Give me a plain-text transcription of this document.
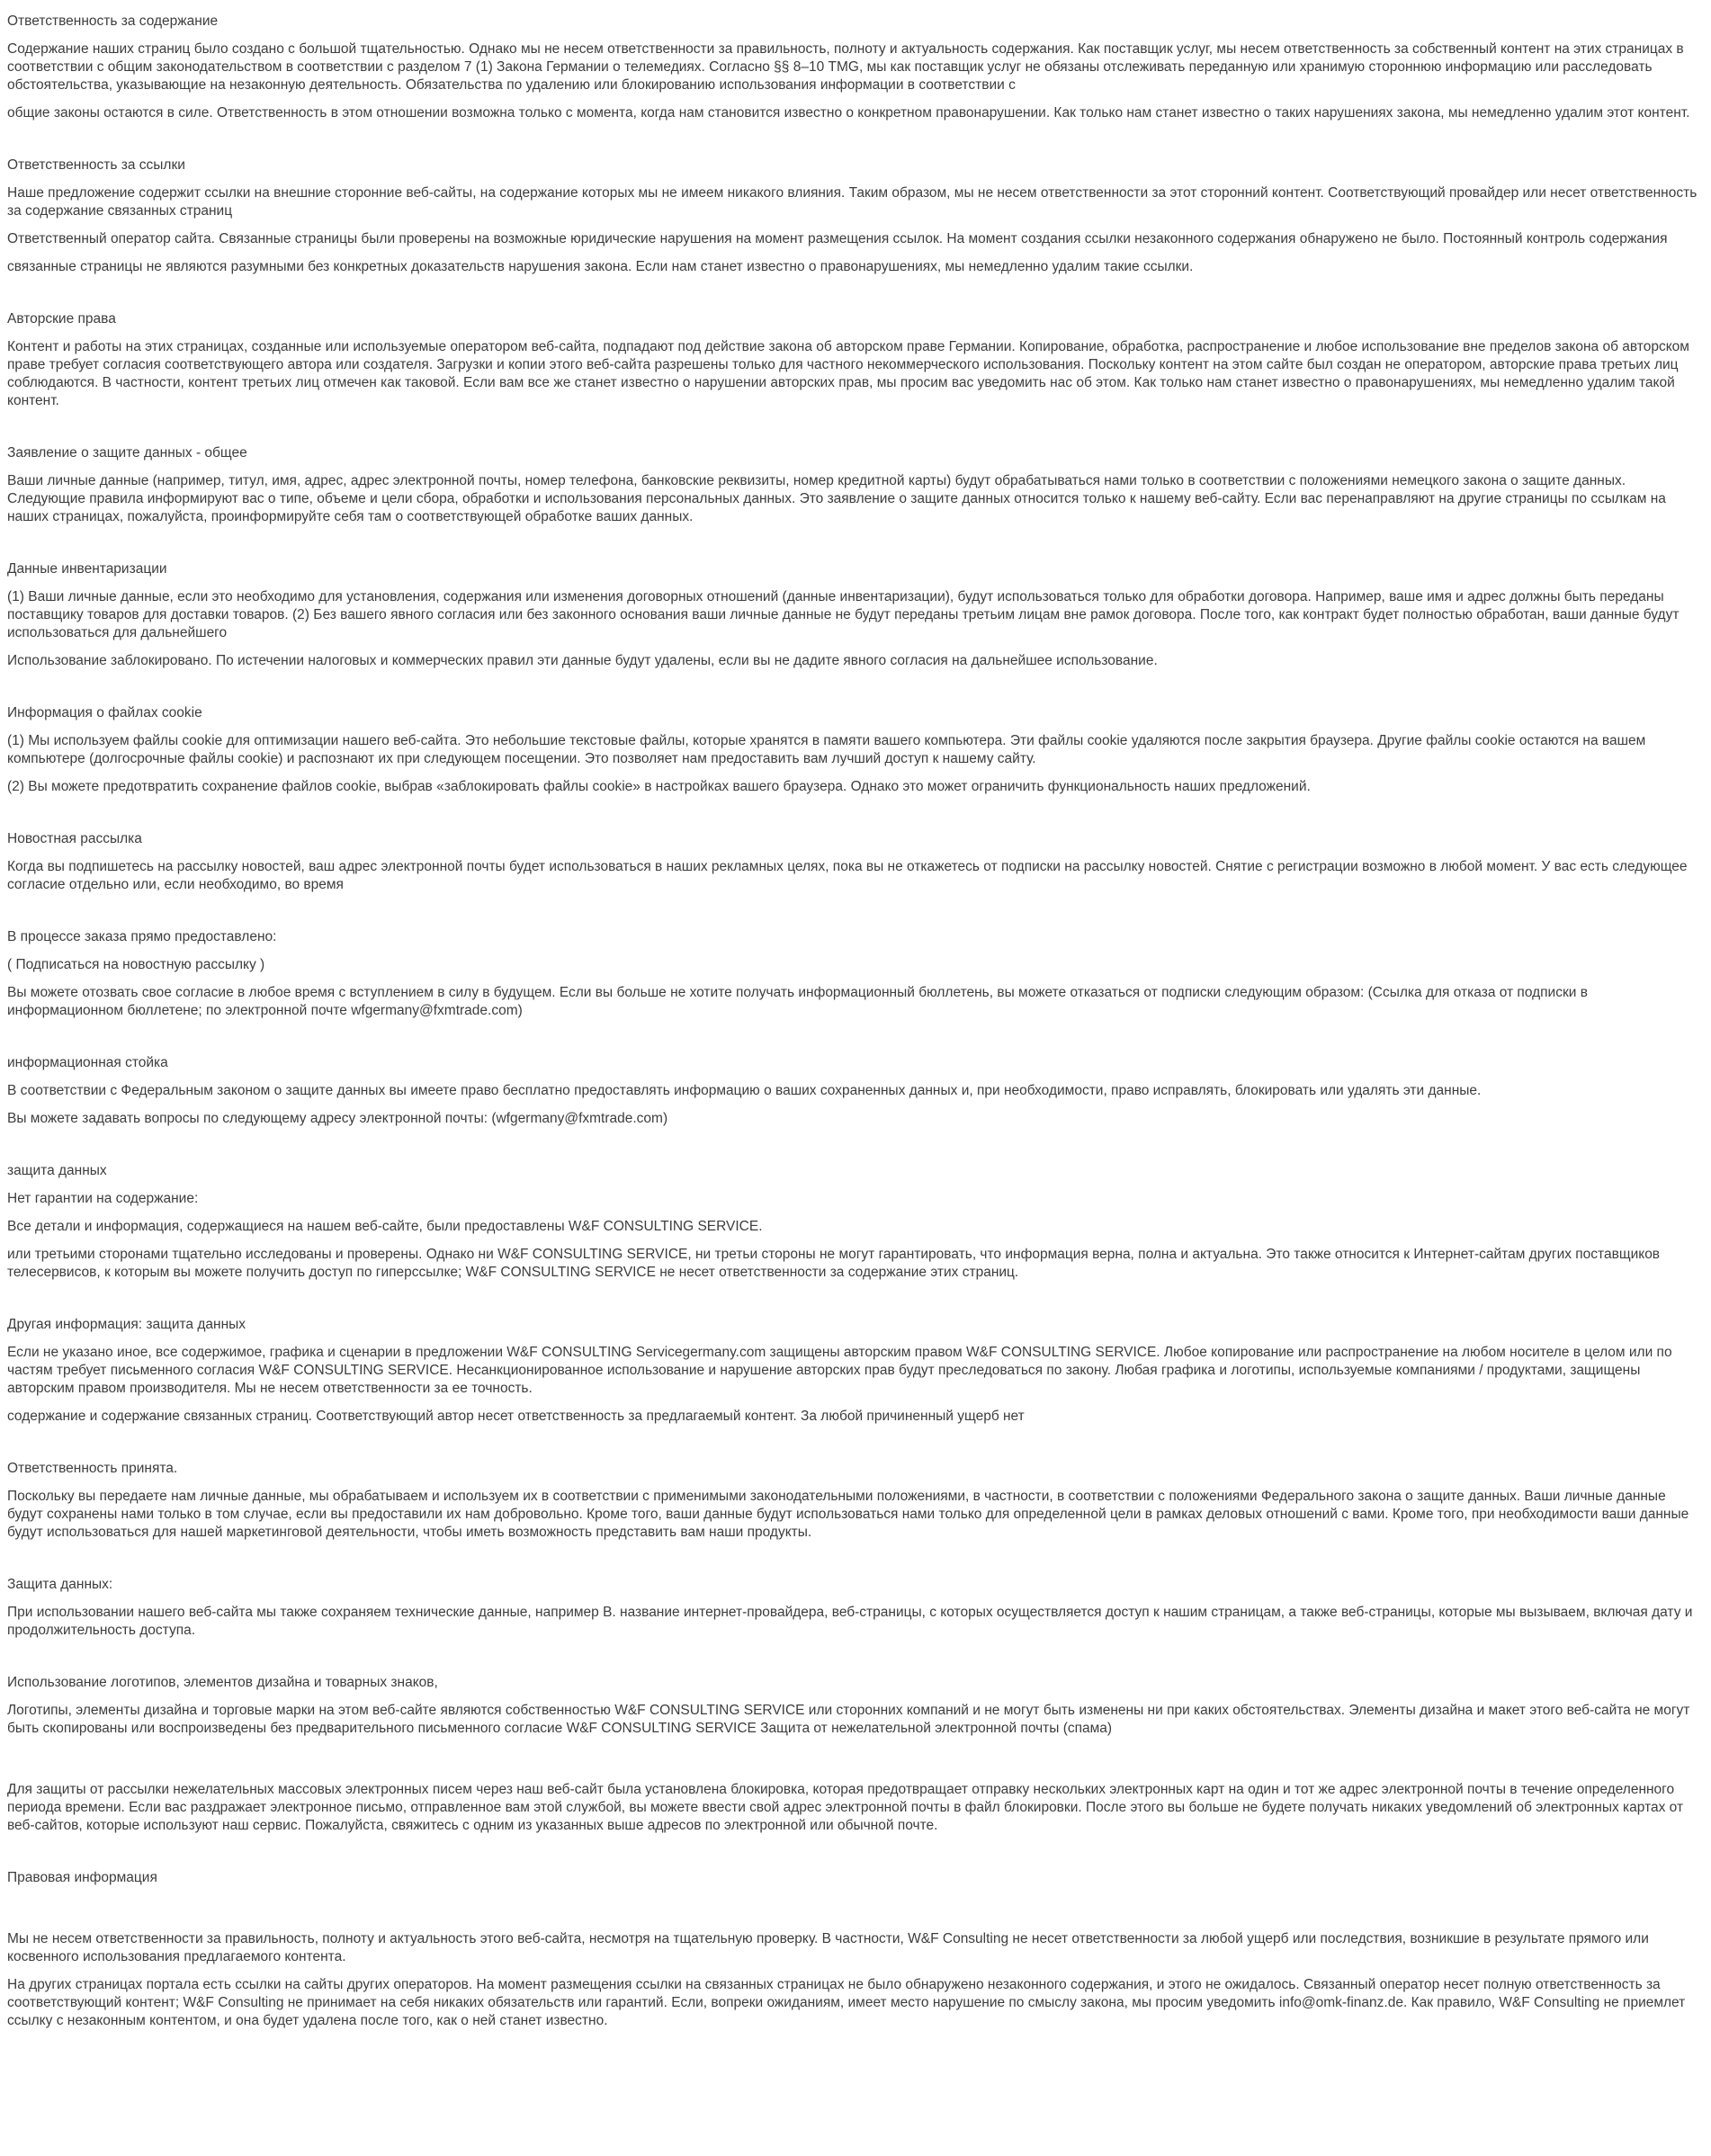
Ответственность за содержание

Содержание наших страниц было создано с большой тщательностью. Однако мы не несем ответственности за правильность, полноту и актуальность содержания. Как поставщик услуг, мы несем ответственность за собственный контент на этих страницах в соответствии с общим законодательством в соответствии с разделом 7 (1) Закона Германии о телемедиях. Согласно §§ 8–10 TMG, мы как поставщик услуг не обязаны отслеживать переданную или хранимую стороннюю информацию или расследовать обстоятельства, указывающие на незаконную деятельность. Обязательства по удалению или блокированию использования информации в соответствии с

общие законы остаются в силе. Ответственность в этом отношении возможна только с момента, когда нам становится известно о конкретном правонарушении. Как только нам станет известно о таких нарушениях закона, мы немедленно удалим этот контент.

Ответственность за ссылки

Наше предложение содержит ссылки на внешние сторонние веб-сайты, на содержание которых мы не имеем никакого влияния. Таким образом, мы не несем ответственности за этот сторонний контент. Соответствующий провайдер или несет ответственность за содержание связанных страниц

Ответственный оператор сайта. Связанные страницы были проверены на возможные юридические нарушения на момент размещения ссылок. На момент создания ссылки незаконного содержания обнаружено не было. Постоянный контроль содержания

связанные страницы не являются разумными без конкретных доказательств нарушения закона. Если нам станет известно о правонарушениях, мы немедленно удалим такие ссылки.

Авторские права

Контент и работы на этих страницах, созданные или используемые оператором веб-сайта, подпадают под действие закона об авторском праве Германии. Копирование, обработка, распространение и любое использование вне пределов закона об авторском праве требует согласия соответствующего автора или создателя. Загрузки и копии этого веб-сайта разрешены только для частного некоммерческого использования. Поскольку контент на этом сайте был создан не оператором, авторские права третьих лиц соблюдаются. В частности, контент третьих лиц отмечен как таковой. Если вам все же станет известно о нарушении авторских прав, мы просим вас уведомить нас об этом. Как только нам станет известно о правонарушениях, мы немедленно удалим такой контент.

Заявление о защите данных - общее

Ваши личные данные (например, титул, имя, адрес, адрес электронной почты, номер телефона, банковские реквизиты, номер кредитной карты) будут обрабатываться нами только в соответствии с положениями немецкого закона о защите данных. Следующие правила информируют вас о типе, объеме и цели сбора, обработки и использования персональных данных. Это заявление о защите данных относится только к нашему веб-сайту. Если вас перенаправляют на другие страницы по ссылкам на наших страницах, пожалуйста, проинформируйте себя там о соответствующей обработке ваших данных.

Данные инвентаризации

(1) Ваши личные данные, если это необходимо для установления, содержания или изменения договорных отношений (данные инвентаризации), будут использоваться только для обработки договора. Например, ваше имя и адрес должны быть переданы поставщику товаров для доставки товаров. (2) Без вашего явного согласия или без законного основания ваши личные данные не будут переданы третьим лицам вне рамок договора. После того, как контракт будет полностью обработан, ваши данные будут использоваться для дальнейшего

Использование заблокировано. По истечении налоговых и коммерческих правил эти данные будут удалены, если вы не дадите явного согласия на дальнейшее использование.

Информация о файлах cookie

(1) Мы используем файлы cookie для оптимизации нашего веб-сайта. Это небольшие текстовые файлы, которые хранятся в памяти вашего компьютера. Эти файлы cookie удаляются после закрытия браузера. Другие файлы cookie остаются на вашем компьютере (долгосрочные файлы cookie) и распознают их при следующем посещении. Это позволяет нам предоставить вам лучший доступ к нашему сайту.

(2) Вы можете предотвратить сохранение файлов cookie, выбрав «заблокировать файлы cookie» в настройках вашего браузера. Однако это может ограничить функциональность наших предложений.

Новостная рассылка

Когда вы подпишетесь на рассылку новостей, ваш адрес электронной почты будет использоваться в наших рекламных целях, пока вы не откажетесь от подписки на рассылку новостей. Снятие с регистрации возможно в любой момент. У вас есть следующее согласие отдельно или, если необходимо, во время

В процессе заказа прямо предоставлено:

( Подписаться на новостную рассылку )

Вы можете отозвать свое согласие в любое время с вступлением в силу в будущем. Если вы больше не хотите получать информационный бюллетень, вы можете отказаться от подписки следующим образом: (Ссылка для отказа от подписки в информационном бюллетене; по электронной почте wfgermany@fxmtrade.com)

информационная стойка

В соответствии с Федеральным законом о защите данных вы имеете право бесплатно предоставлять информацию о ваших сохраненных данных и, при необходимости, право исправлять, блокировать или удалять эти данные.

Вы можете задавать вопросы по следующему адресу электронной почты: (wfgermany@fxmtrade.com)

защита данных

Нет гарантии на содержание:

Все детали и информация, содержащиеся на нашем веб-сайте, были предоставлены W&F CONSULTING SERVICE.

или третьими сторонами тщательно исследованы и проверены. Однако ни W&F CONSULTING SERVICE, ни третьи стороны не могут гарантировать, что информация верна, полна и актуальна. Это также относится к Интернет-сайтам других поставщиков телесервисов, к которым вы можете получить доступ по гиперссылке; W&F CONSULTING SERVICE не несет ответственности за содержание этих страниц.

Другая информация: защита данных

Если не указано иное, все содержимое, графика и сценарии в предложении W&F CONSULTING Servicegermany.com защищены авторским правом W&F CONSULTING SERVICE. Любое копирование или распространение на любом носителе в целом или по частям требует письменного согласия W&F CONSULTING SERVICE. Несанкционированное использование и нарушение авторских прав будут преследоваться по закону. Любая графика и логотипы, используемые компаниями / продуктами, защищены авторским правом производителя. Мы не несем ответственности за ее точность.

содержание и содержание связанных страниц. Соответствующий автор несет ответственность за предлагаемый контент. За любой причиненный ущерб нет

Ответственность принята.

Поскольку вы передаете нам личные данные, мы обрабатываем и используем их в соответствии с применимыми законодательными положениями, в частности, в соответствии с положениями Федерального закона о защите данных. Ваши личные данные будут сохранены нами только в том случае, если вы предоставили их нам добровольно. Кроме того, ваши данные будут использоваться нами только для определенной цели в рамках деловых отношений с вами. Кроме того, при необходимости ваши данные будут использоваться для нашей маркетинговой деятельности, чтобы иметь возможность представить вам наши продукты.

Защита данных:

При использовании нашего веб-сайта мы также сохраняем технические данные, например В. название интернет-провайдера, веб-страницы, с которых осуществляется доступ к нашим страницам, а также веб-страницы, которые мы вызываем, включая дату и продолжительность доступа.

Использование логотипов, элементов дизайна и товарных знаков,

Логотипы, элементы дизайна и торговые марки на этом веб-сайте являются собственностью W&F CONSULTING SERVICE или сторонних компаний и не могут быть изменены ни при каких обстоятельствах. Элементы дизайна и макет этого веб-сайта не могут быть скопированы или воспроизведены без предварительного письменного согласие W&F CONSULTING SERVICE Защита от нежелательной электронной почты (спама)

Для защиты от рассылки нежелательных массовых электронных писем через наш веб-сайт была установлена блокировка, которая предотвращает отправку нескольких электронных карт на один и тот же адрес электронной почты в течение определенного периода времени. Если вас раздражает электронное письмо, отправленное вам этой службой, вы можете ввести свой адрес электронной почты в файл блокировки. После этого вы больше не будете получать никаких уведомлений об электронных картах от веб-сайтов, которые используют наш сервис. Пожалуйста, свяжитесь с одним из указанных выше адресов по электронной или обычной почте.

Правовая информация

Мы не несем ответственности за правильность, полноту и актуальность этого веб-сайта, несмотря на тщательную проверку. В частности, W&F Consulting не несет ответственности за любой ущерб или последствия, возникшие в результате прямого или косвенного использования предлагаемого контента.

На других страницах портала есть ссылки на сайты других операторов. На момент размещения ссылки на связанных страницах не было обнаружено незаконного содержания, и этого не ожидалось. Связанный оператор несет полную ответственность за соответствующий контент; W&F Consulting не принимает на себя никаких обязательств или гарантий. Если, вопреки ожиданиям, имеет место нарушение по смыслу закона, мы просим уведомить info@omk-finanz.de. Как правило, W&F Consulting не приемлет ссылку с незаконным контентом, и она будет удалена после того, как о ней станет известно.
